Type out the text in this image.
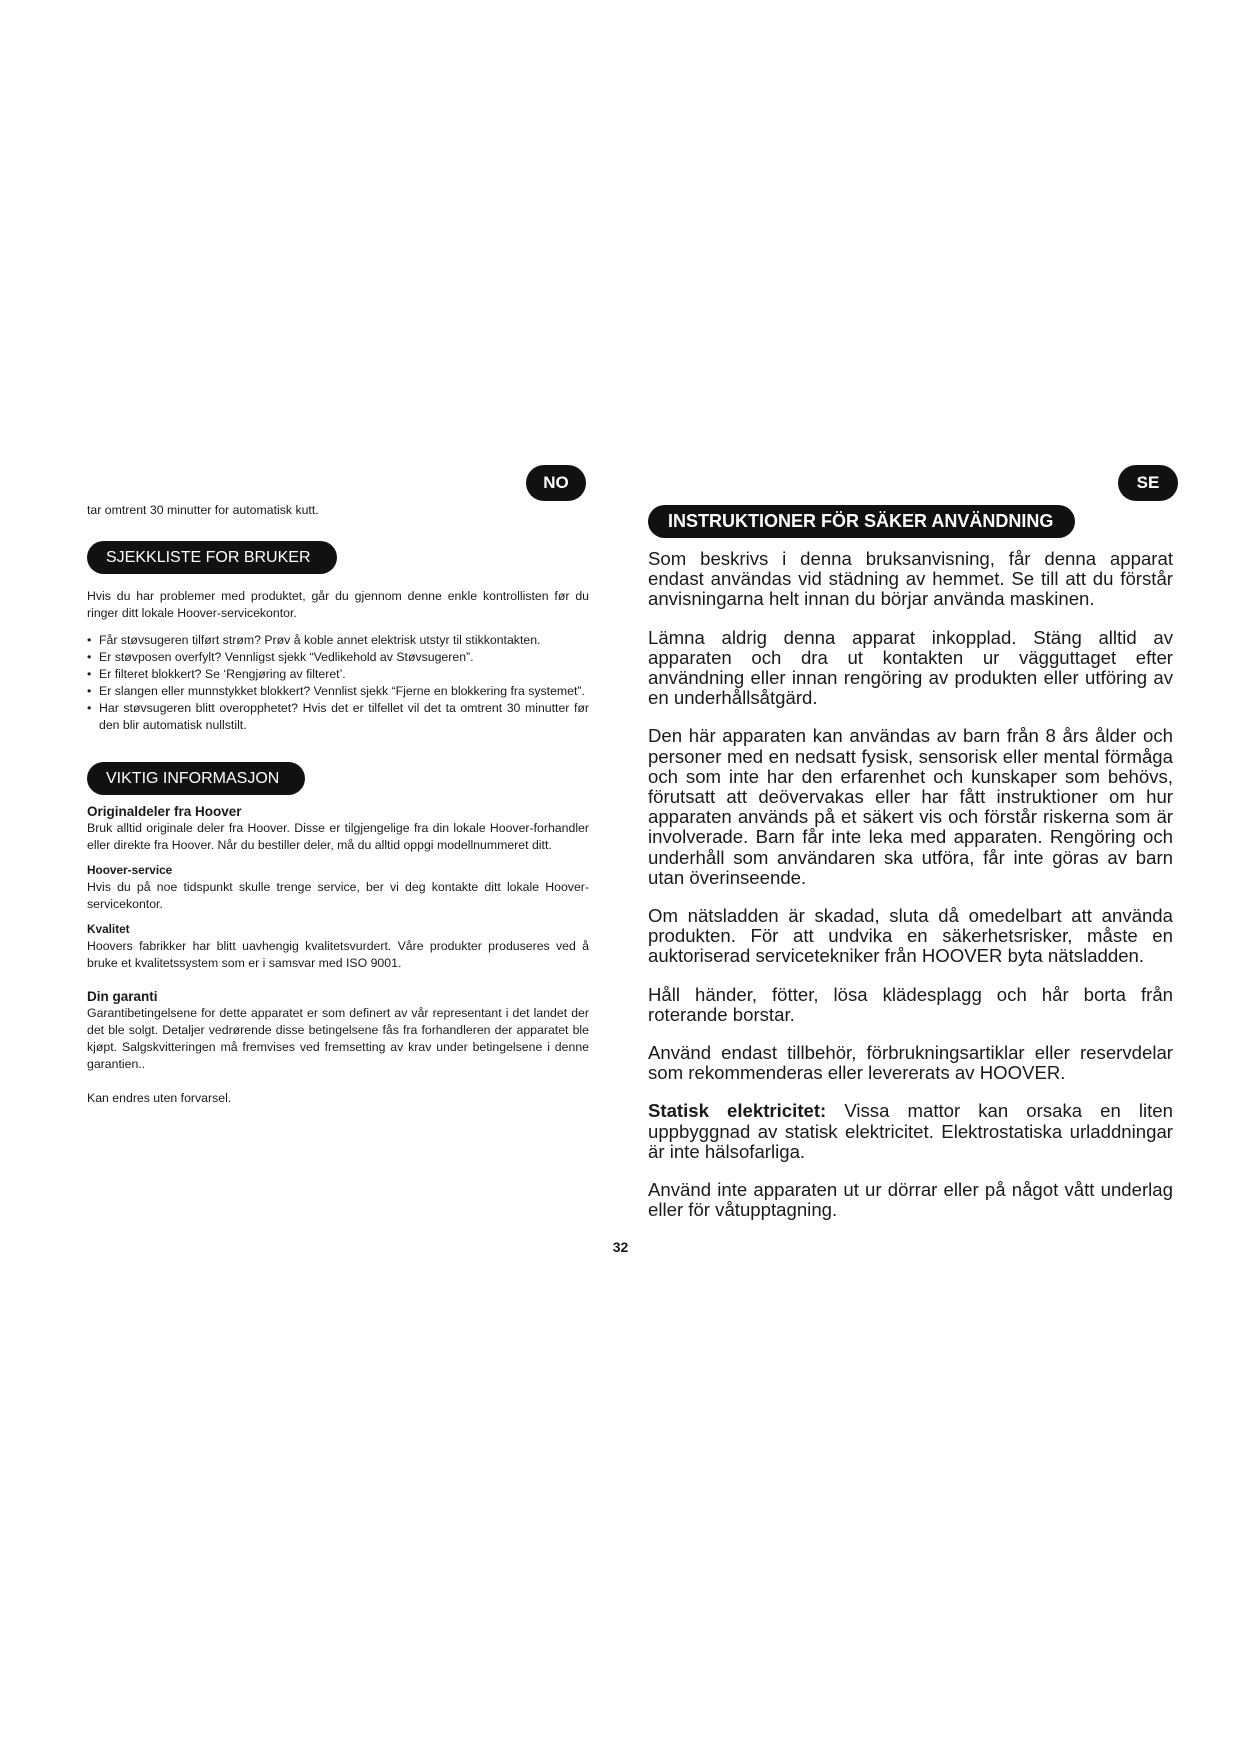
NO	SE

tar omtrent 30 minutter for automatisk kutt.

SJEKKLISTE FOR BRUKER

Hvis du har problemer med produktet, går du gjennom denne enkle kontrollisten før du ringer ditt lokale Hoover-servicekontor.

• Får støvsugeren tilført strøm? Prøv å koble annet elektrisk utstyr til stikkontakten.
• Er støvposen overfylt? Vennligst sjekk “Vedlikehold av Støvsugeren”.
• Er filteret blokkert? Se ‘Rengjøring av filteret’.
• Er slangen eller munnstykket blokkert? Vennlist sjekk “Fjerne en blokkering fra systemet”.
• Har støvsugeren blitt overopphetet? Hvis det er tilfellet vil det ta omtrent 30 minutter før den blir automatisk nullstilt.
VIKTIG INFORMASJON

Originaldeler fra Hoover

Bruk alltid originale deler fra Hoover. Disse er tilgjengelige fra din lokale Hoover-forhandler eller direkte fra Hoover. Når du bestiller deler, må du alltid oppgi modellnummeret ditt.

Hoover-service

Hvis du på noe tidspunkt skulle trenge service, ber vi deg kontakte ditt lokale Hoover-servicekontor.

Kvalitet

Hoovers fabrikker har blitt uavhengig kvalitetsvurdert. Våre produkter produseres ved å bruke et kvalitetssystem som er i samsvar med ISO 9001.

Din garanti

Garantibetingelsene for dette apparatet er som definert av vår representant i det landet der det ble solgt. Detaljer vedrørende disse betingelsene fås fra forhandleren der apparatet ble kjøpt. Salgskvitteringen må fremvises ved fremsetting av krav under betingelsene i denne garantien..

Kan endres uten forvarsel.

INSTRUKTIONER FÖR SÄKER ANVÄNDNING

Som beskrivs i denna bruksanvisning, får denna apparat endast användas vid städning av hemmet. Se till att du förstår anvisningarna helt innan du börjar använda maskinen.

Lämna aldrig denna apparat inkopplad. Stäng alltid av apparaten och dra ut kontakten ur vägguttaget efter användning eller innan rengöring av produkten eller utföring av en underhållsåtgärd.

Den här apparaten kan användas av barn från 8 års ålder och personer med en nedsatt fysisk, sensorisk eller mental förmåga och som inte har den erfarenhet och kunskaper som behövs, förutsatt att deövervakas eller har fått instruktioner om hur apparaten används på et säkert vis och förstår riskerna som är involverade. Barn får inte leka med apparaten. Rengöring och underhåll som användaren ska utföra, får inte göras av barn utan överinseende.

Om nätsladden är skadad, sluta då omedelbart att använda produkten. För att undvika en säkerhetsrisker, måste en auktoriserad servicetekniker från HOOVER byta nätsladden.

Håll händer, fötter, lösa klädesplagg och hår borta från roterande borstar.

Använd endast tillbehör, förbrukningsartiklar eller reservdelar som rekommenderas eller levererats av HOOVER.

Statisk elektricitet: Vissa mattor kan orsaka en liten uppbyggnad av statisk elektricitet. Elektrostatiska urladdningar är inte hälsofarliga.

Använd inte apparaten ut ur dörrar eller på något vått underlag eller för våtupptagning.

32
